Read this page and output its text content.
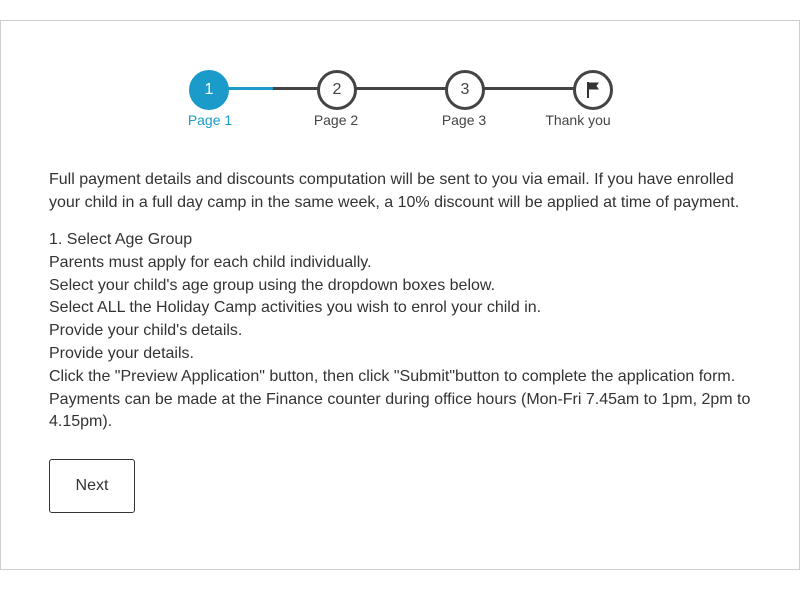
1
Page 1
2
Page 2
3
Page 3	Thank you

Full payment details and discounts computation will be sent to you via email. If you have enrolled your child in a full day camp in the same week, a 10% discount will be applied at time of payment.

1. Select Age Group
Parents must apply for each child individually.
Select your child's age group using the dropdown boxes below.
Select ALL the Holiday Camp activities you wish to enrol your child in.
Provide your child's details.
Provide your details.
Click the "Preview Application" button, then click "Submit"button to complete the application form.
Payments can be made at the Finance counter during office hours (Mon-Fri 7.45am to 1pm, 2pm to 4.15pm).
Next
